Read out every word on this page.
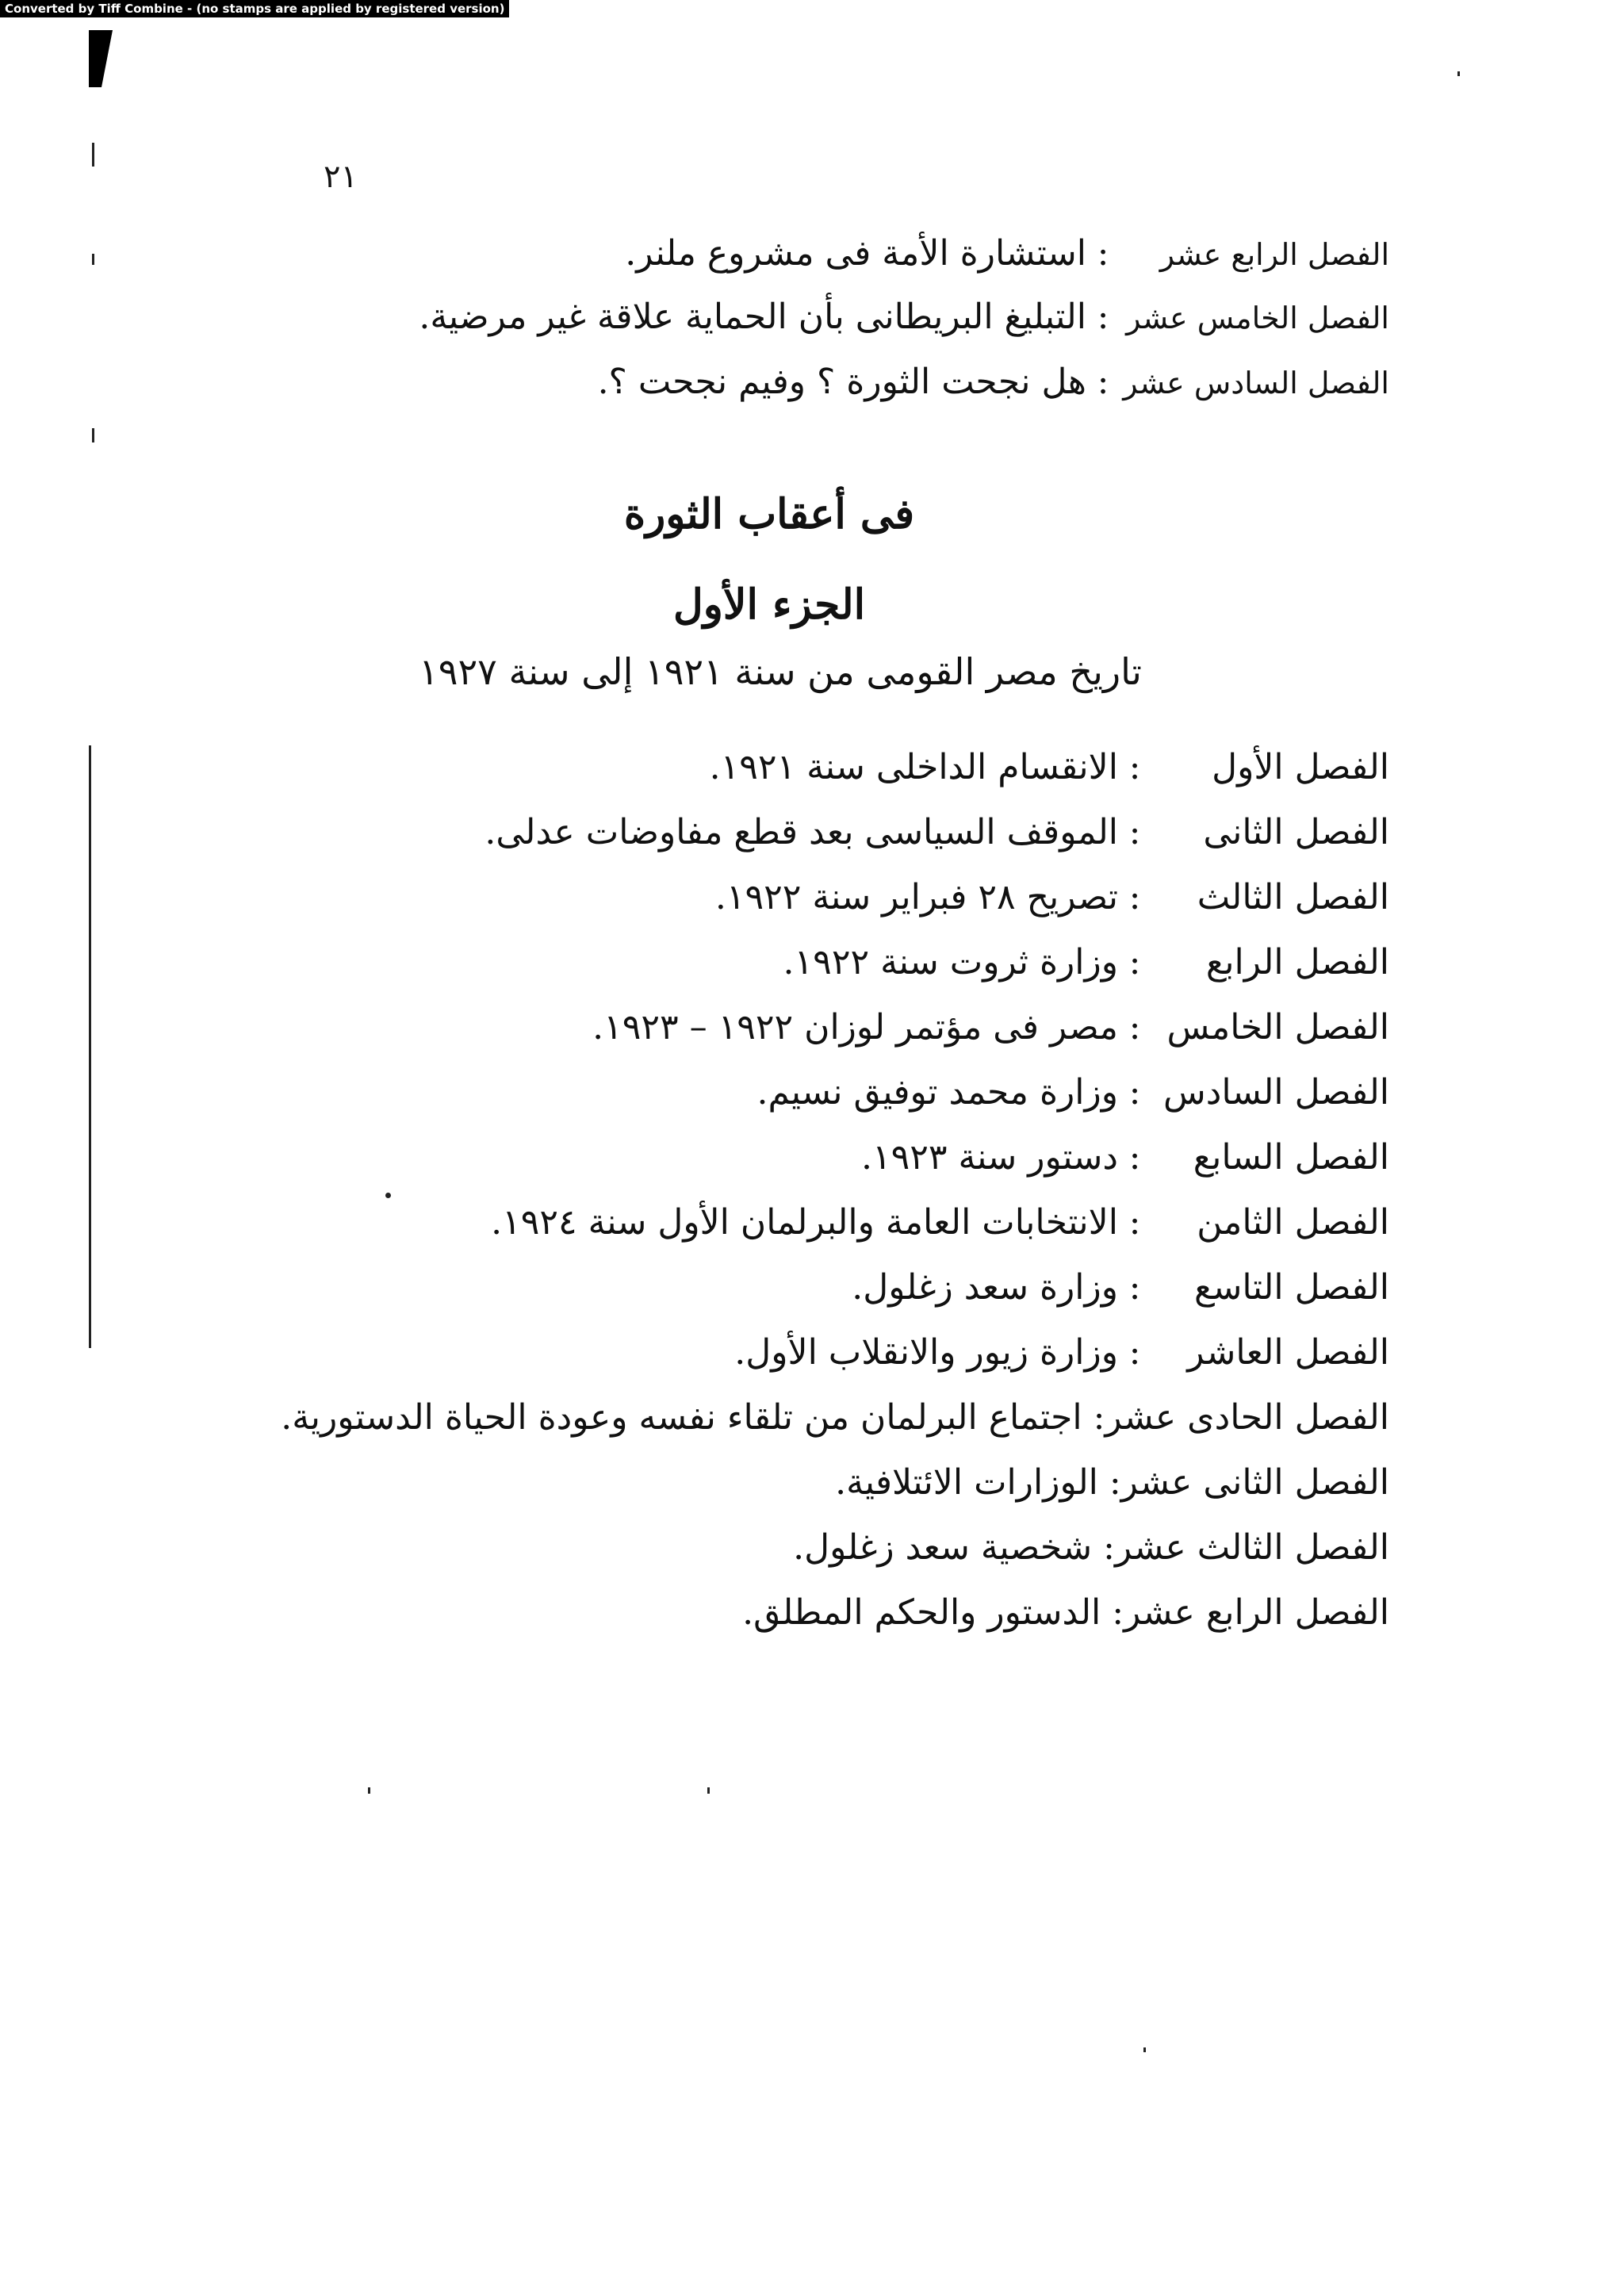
Converted by Tiff Combine - (no stamps are applied by registered version)
٢١
الفصل الرابع عشر:استشارة الأمة فى مشروع ملنر.
الفصل الخامس عشر:التبليغ البريطانى بأن الحماية علاقة غير مرضية.
الفصل السادس عشر:هل نجحت الثورة ؟ وفيم نجحت ؟.
فى أعقاب الثورة
الجزء الأول
تاريخ مصر القومى من سنة ١٩٢١ إلى سنة ١٩٢٧
الفصل الأول:الانقسام الداخلى سنة ١٩٢١.
الفصل الثانى:الموقف السياسى بعد قطع مفاوضات عدلى.
الفصل الثالث:تصريح ٢٨ فبراير سنة ١٩٢٢.
الفصل الرابع:وزارة ثروت سنة ١٩٢٢.
الفصل الخامس:مصر فى مؤتمر لوزان ١٩٢٢ – ١٩٢٣.
الفصل السادس:وزارة محمد توفيق نسيم.
الفصل السابع:دستور سنة ١٩٢٣.
الفصل الثامن:الانتخابات العامة والبرلمان الأول سنة ١٩٢٤.
الفصل التاسع:وزارة سعد زغلول.
الفصل العاشر:وزارة زيور والانقلاب الأول.
الفصل الحادى عشر: اجتماع البرلمان من تلقاء نفسه وعودة الحياة الدستورية.
الفصل الثانى عشر: الوزارات الائتلافية.
الفصل الثالث عشر: شخصية سعد زغلول.
الفصل الرابع عشر: الدستور والحكم المطلق.
